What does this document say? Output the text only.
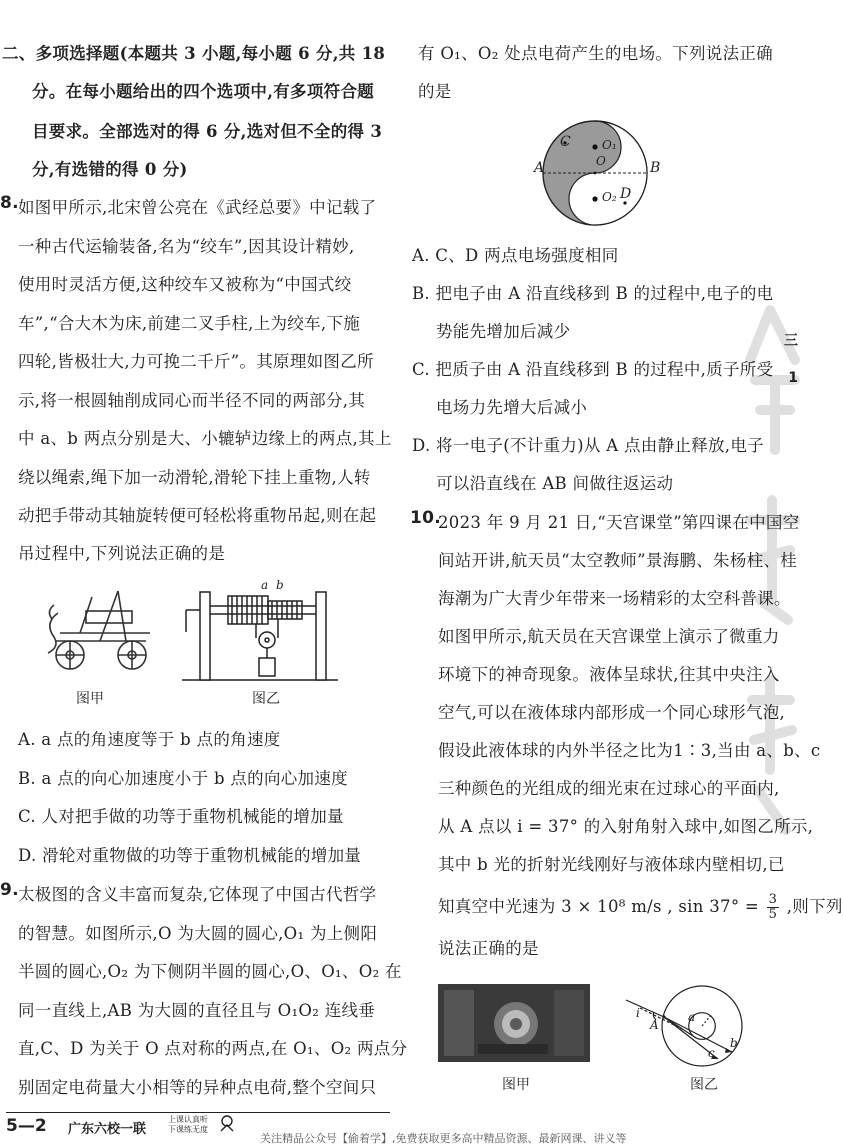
二、多项选择题(本题共 3 小题,每小题 6 分,共 18
分。在每小题给出的四个选项中,有多项符合题
目要求。全部选对的得 6 分,选对但不全的得 3
分,有选错的得 0 分)
8. 如图甲所示,北宋曾公亮在《武经总要》中记载了
一种古代运输装备,名为“绞车”,因其设计精妙,
使用时灵活方便,这种绞车又被称为“中国式绞
车”,“合大木为床,前建二叉手柱,上为绞车,下施
四轮,皆极壮大,力可挽二千斤”。其原理如图乙所
示,将一根圆轴削成同心而半径不同的两部分,其
中 a、b 两点分别是大、小辘轳边缘上的两点,其上
绕以绳索,绳下加一动滑轮,滑轮下挂上重物,人转
动把手带动其轴旋转便可轻松将重物吊起,则在起
吊过程中,下列说法正确的是
图甲
a b
图乙
A. a 点的角速度等于 b 点的角速度
B. a 点的向心加速度小于 b 点的向心加速度
C. 人对把手做的功等于重物机械能的增加量
D. 滑轮对重物做的功等于重物机械能的增加量
9. 太极图的含义丰富而复杂,它体现了中国古代哲学
的智慧。如图所示,O 为大圆的圆心,O₁ 为上侧阳
半圆的圆心,O₂ 为下侧阴半圆的圆心,O、O₁、O₂ 在
同一直线上,AB 为大圆的直径且与 O₁O₂ 连线垂
直,C、D 为关于 O 点对称的两点,在 O₁、O₂ 两点分
别固定电荷量大小相等的异种点电荷,整个空间只
有 O₁、O₂ 处点电荷产生的电场。下列说法正确
的是
C	O₁
O
A	B
O₂ D
A. C、D 两点电场强度相同
B. 把电子由 A 沿直线移到 B 的过程中,电子的电
势能先增加后减少
C. 把质子由 A 沿直线移到 B 的过程中,质子所受
电场力先增大后减小
D. 将一电子(不计重力)从 A 点由静止释放,电子
可以沿直线在 AB 间做往返运动
10.
2023 年 9 月 21 日,“天宫课堂”第四课在中国空
间站开讲,航天员“太空教师”景海鹏、朱杨柱、桂
海潮为广大青少年带来一场精彩的太空科普课。
如图甲所示,航天员在天宫课堂上演示了微重力
环境下的神奇现象。液体呈球状,往其中央注入
空气,可以在液体球内部形成一个同心球形气泡,
假设此液体球的内外半径之比为1∶3,当由 a、b、c
三种颜色的光组成的细光束在过球心的平面内,
从 A 点以 i = 37° 的入射角射入球中,如图乙所示,
其中 b 光的折射光线刚好与液体球内壁相切,已
知真空中光速为 3 × 10⁸ m/s , $\sin 37^\circ = \frac{3}{5}$ ,则下列
说法正确的是
图甲
i
A
a
b
c
图乙
三
1
5—2 广东六校一联
上课认真听
下课练无度
关注精品公众号【偷着学】,免费获取更多高中精品资源、最新网课、讲义等
